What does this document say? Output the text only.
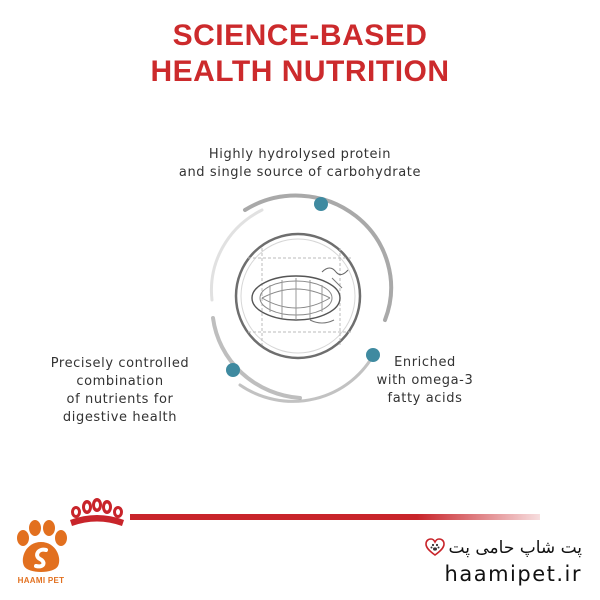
SCIENCE-BASED
HEALTH NUTRITION
Highly hydrolysed protein
and single source of carbohydrate
Precisely controlled
combination
of nutrients for
digestive health
Enriched
with omega-3
fatty acids
HAAMI PET
پت شاپ حامی پت
haamipet.ir
